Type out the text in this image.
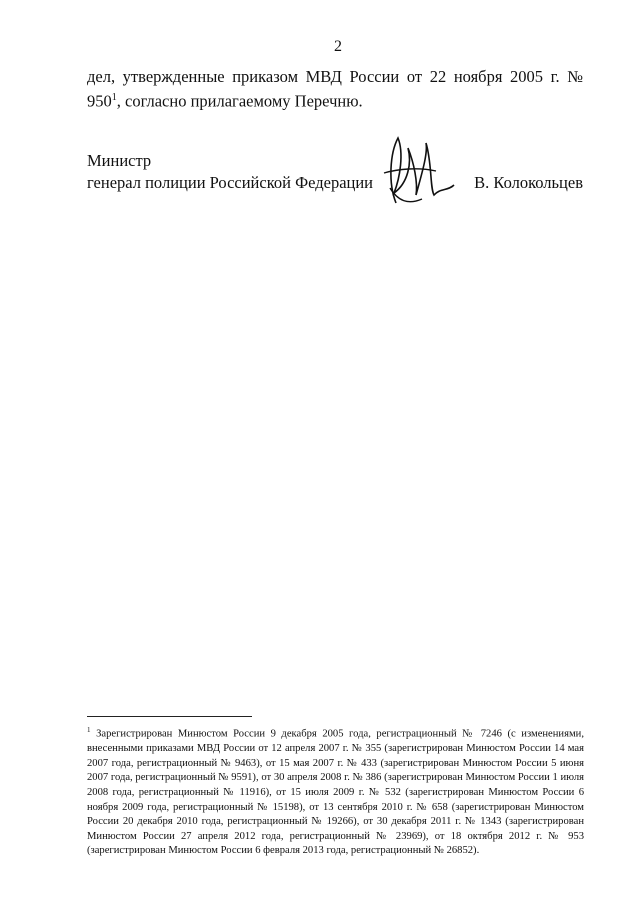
2
дел, утвержденные приказом МВД России от 22 ноября 2005 г. № $950^1$, согласно прилагаемому Перечню.
Министр
генерал полиции Российской Федерации	В. Колокольцев
$^1$ Зарегистрирован Минюстом России 9 декабря 2005 года, регистрационный № 7246 (с изменениями, внесенными приказами МВД России от 12 апреля 2007 г. № 355 (зарегистрирован Минюстом России 14 мая 2007 года, регистрационный № 9463), от 15 мая 2007 г. № 433 (зарегистрирован Минюстом России 5 июня 2007 года, регистрационный № 9591), от 30 апреля 2008 г. № 386 (зарегистрирован Минюстом России 1 июля 2008 года, регистрационный № 11916), от 15 июля 2009 г. № 532 (зарегистрирован Минюстом России 6 ноября 2009 года, регистрационный № 15198), от 13 сентября 2010 г. № 658 (зарегистрирован Минюстом России 20 декабря 2010 года, регистрационный № 19266), от 30 декабря 2011 г. № 1343 (зарегистрирован Минюстом России 27 апреля 2012 года, регистрационный № 23969), от 18 октября 2012 г. № 953 (зарегистрирован Минюстом России 6 февраля 2013 года, регистрационный № 26852).
